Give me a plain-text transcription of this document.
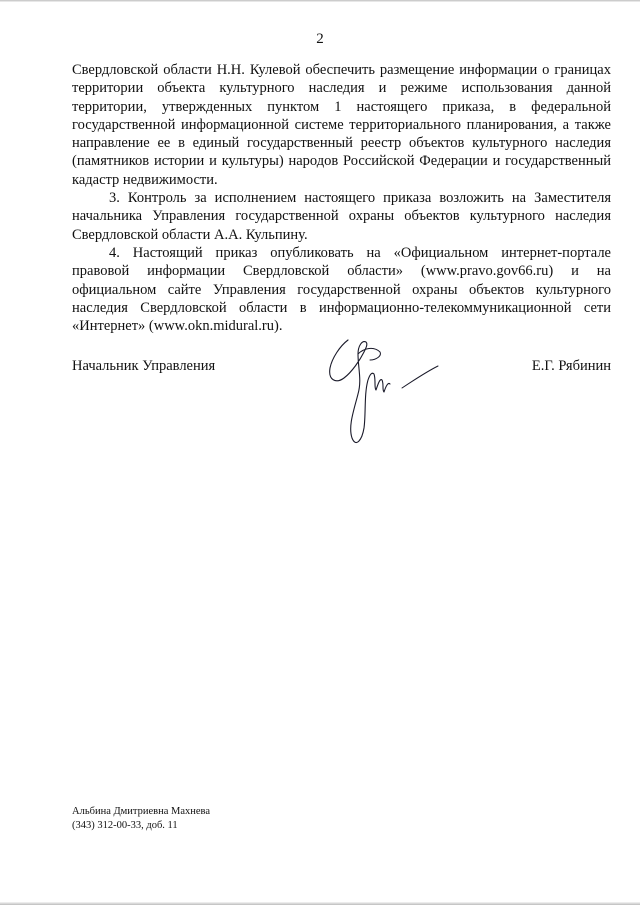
2

Свердловской области Н.Н. Кулевой обеспечить размещение информации о границах территории объекта культурного наследия и режиме использования данной территории, утвержденных пунктом 1 настоящего приказа, в федеральной государственной информационной системе территориального планирования, а также направление ее в единый государственный реестр объектов культурного наследия (памятников истории и культуры) народов Российской Федерации и государственный кадастр недвижимости.

3. Контроль за исполнением настоящего приказа возложить на Заместителя начальника Управления государственной охраны объектов культурного наследия Свердловской области А.А. Кульпину.

4. Настоящий приказ опубликовать на «Официальном интернет-портале правовой информации Свердловской области» (www.pravo.gov66.ru) и на официальном сайте Управления государственной охраны объектов культурного наследия Свердловской области в информационно-телекоммуникационной сети «Интернет» (www.okn.midural.ru).

Начальник Управления	Е.Г. Рябинин
Альбина Дмитриевна Махнева
(343) 312-00-33, доб. 11
